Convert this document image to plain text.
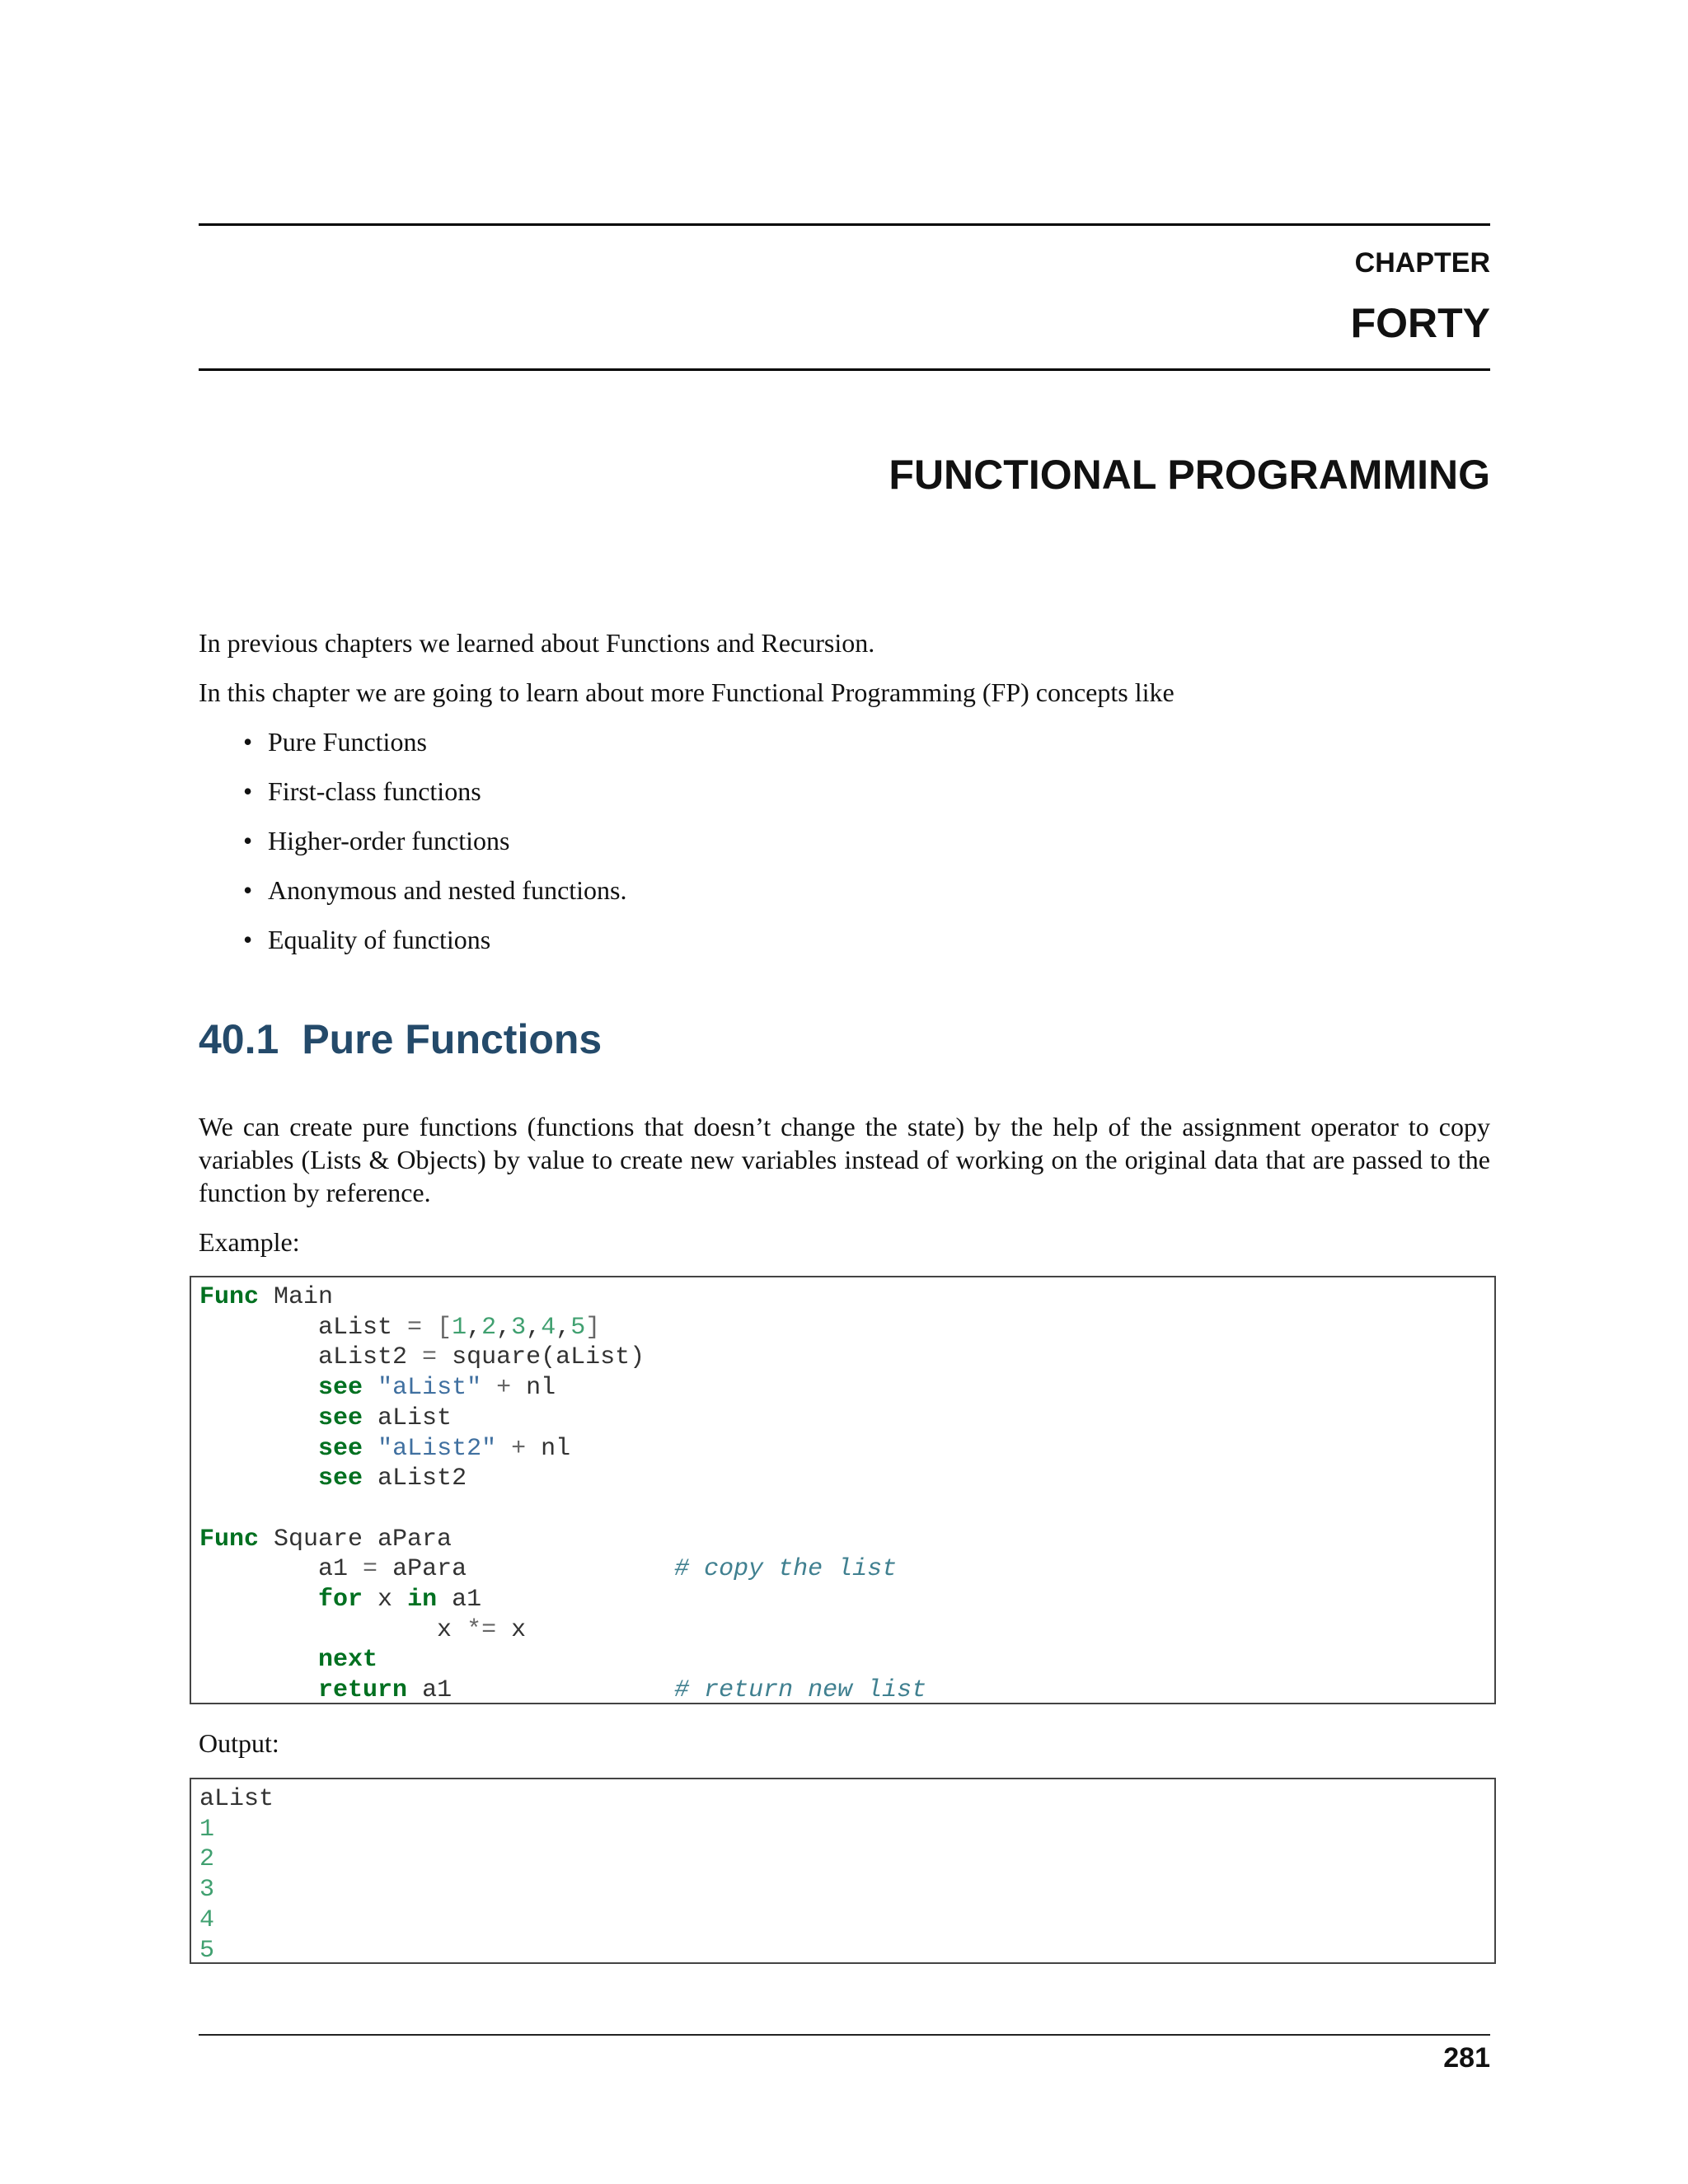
CHAPTER
FORTY
FUNCTIONAL PROGRAMMING

In previous chapters we learned about Functions and Recursion.

In this chapter we are going to learn about more Functional Programming (FP) concepts like

• Pure Functions
• First-class functions
• Higher-order functions
• Anonymous and nested functions.
• Equality of functions
40.1 Pure Functions

We can create pure functions (functions that doesn’t change the state) by the help of the assignment operator to copy variables (Lists & Objects) by value to create new variables instead of working on the original data that are passed to the function by reference.

Example:

Func Main
aList = [1,2,3,4,5]
aList2 = square(aList)
see "aList" + nl
see aList
see "aList2" + nl
see aList2

Func Square aPara
a1 = aPara              # copy the list
for x in a1
x *= x
next
return a1               # return new list

Output:

aList
1
2
3
4
5
281
